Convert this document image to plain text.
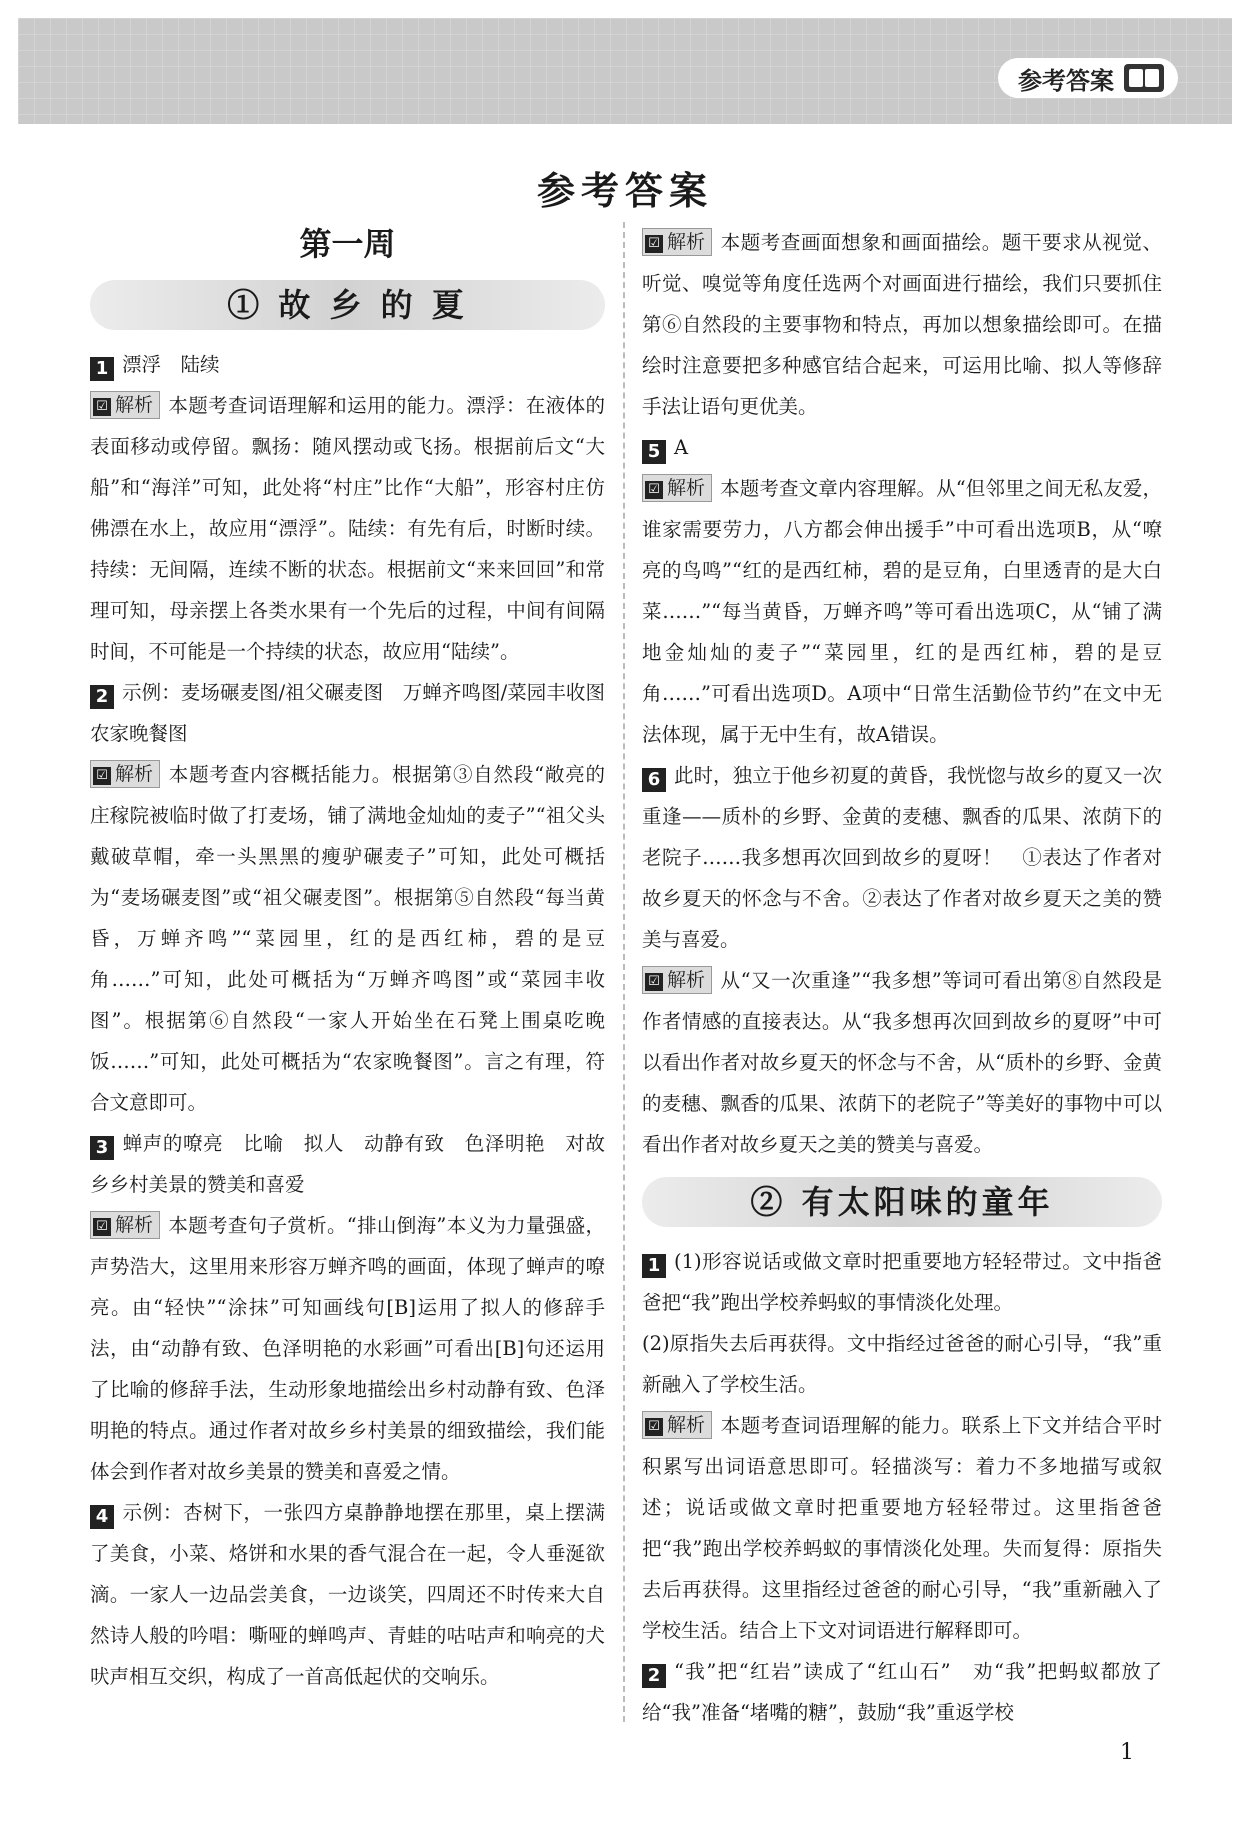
参考答案
参考答案
第一周
① 故 乡 的 夏

1 漂浮　陆续

☑ 解析 本题考查词语理解和运用的能力。漂浮：在液体的表面移动或停留。飘扬：随风摆动或飞扬。根据前后文“大船”和“海洋”可知，此处将“村庄”比作“大船”，形容村庄仿佛漂在水上，故应用“漂浮”。陆续：有先有后，时断时续。持续：无间隔，连续不断的状态。根据前文“来来回回”和常理可知，母亲摆上各类水果有一个先后的过程，中间有间隔时间，不可能是一个持续的状态，故应用“陆续”。

2 示例：麦场碾麦图/祖父碾麦图　万蝉齐鸣图/菜园丰收图　农家晚餐图

☑ 解析 本题考查内容概括能力。根据第③自然段“敞亮的庄稼院被临时做了打麦场，铺了满地金灿灿的麦子”“祖父头戴破草帽，牵一头黑黑的瘦驴碾麦子”可知，此处可概括为“麦场碾麦图”或“祖父碾麦图”。根据第⑤自然段“每当黄昏，万蝉齐鸣”“菜园里，红的是西红柿，碧的是豆角……”可知，此处可概括为“万蝉齐鸣图”或“菜园丰收图”。根据第⑥自然段“一家人开始坐在石凳上围桌吃晚饭……”可知，此处可概括为“农家晚餐图”。言之有理，符合文意即可。

3 蝉声的嘹亮　比喻　拟人　动静有致　色泽明艳　对故乡乡村美景的赞美和喜爱

☑ 解析 本题考查句子赏析。“排山倒海”本义为力量强盛，声势浩大，这里用来形容万蝉齐鸣的画面，体现了蝉声的嘹亮。由“轻快”“涂抹”可知画线句[B]运用了拟人的修辞手法，由“动静有致、色泽明艳的水彩画”可看出[B]句还运用了比喻的修辞手法，生动形象地描绘出乡村动静有致、色泽明艳的特点。通过作者对故乡乡村美景的细致描绘，我们能体会到作者对故乡美景的赞美和喜爱之情。

4 示例：杏树下，一张四方桌静静地摆在那里，桌上摆满了美食，小菜、烙饼和水果的香气混合在一起，令人垂涎欲滴。一家人一边品尝美食，一边谈笑，四周还不时传来大自然诗人般的吟唱：嘶哑的蝉鸣声、青蛙的咕咕声和响亮的犬吠声相互交织，构成了一首高低起伏的交响乐。

☑ 解析 本题考查画面想象和画面描绘。题干要求从视觉、听觉、嗅觉等角度任选两个对画面进行描绘，我们只要抓住第⑥自然段的主要事物和特点，再加以想象描绘即可。在描绘时注意要把多种感官结合起来，可运用比喻、拟人等修辞手法让语句更优美。

5 A

☑ 解析 本题考查文章内容理解。从“但邻里之间无私友爱，谁家需要劳力，八方都会伸出援手”中可看出选项B，从“嘹亮的鸟鸣”“红的是西红柿，碧的是豆角，白里透青的是大白菜……”“每当黄昏，万蝉齐鸣”等可看出选项C，从“铺了满地金灿灿的麦子”“菜园里，红的是西红柿，碧的是豆角……”可看出选项D。A项中“日常生活勤俭节约”在文中无法体现，属于无中生有，故A错误。

6 此时，独立于他乡初夏的黄昏，我恍惚与故乡的夏又一次重逢——质朴的乡野、金黄的麦穗、飘香的瓜果、浓荫下的老院子……我多想再次回到故乡的夏呀！　①表达了作者对故乡夏天的怀念与不舍。②表达了作者对故乡夏天之美的赞美与喜爱。

☑ 解析 从“又一次重逢”“我多想”等词可看出第⑧自然段是作者情感的直接表达。从“我多想再次回到故乡的夏呀”中可以看出作者对故乡夏天的怀念与不舍，从“质朴的乡野、金黄的麦穗、飘香的瓜果、浓荫下的老院子”等美好的事物中可以看出作者对故乡夏天之美的赞美与喜爱。

② 有太阳味的童年

1 (1)形容说话或做文章时把重要地方轻轻带过。文中指爸爸把“我”跑出学校养蚂蚁的事情淡化处理。

(2)原指失去后再获得。文中指经过爸爸的耐心引导，“我”重新融入了学校生活。

☑ 解析 本题考查词语理解的能力。联系上下文并结合平时积累写出词语意思即可。轻描淡写：着力不多地描写或叙述；说话或做文章时把重要地方轻轻带过。这里指爸爸把“我”跑出学校养蚂蚁的事情淡化处理。失而复得：原指失去后再获得。这里指经过爸爸的耐心引导，“我”重新融入了学校生活。结合上下文对词语进行解释即可。

2 “我”把“红岩”读成了“红山石”　劝“我”把蚂蚁都放了　给“我”准备“堵嘴的糖”，鼓励“我”重返学校

1
